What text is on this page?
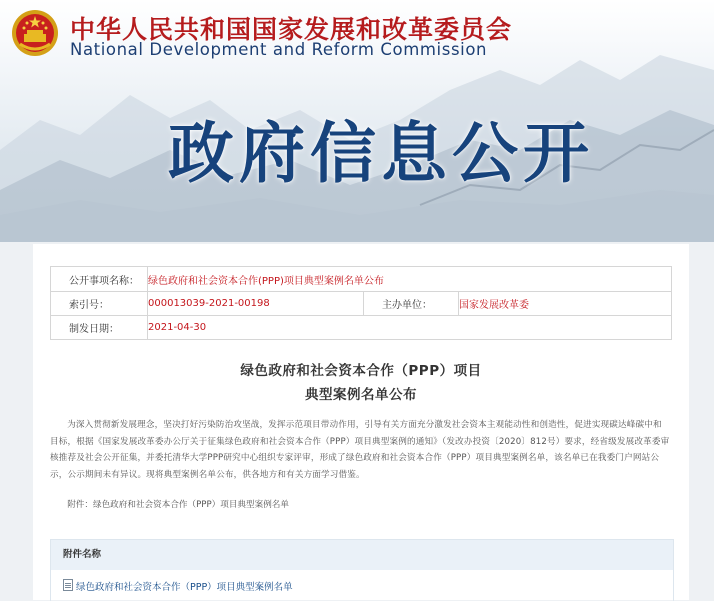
中华人民共和国国家发展和改革委员会
National Development and Reform Commission
政府信息公开
公开事项名称：	绿色政府和社会资本合作(PPP)项目典型案例名单公布		
索引号：	000013039-2021-00198	主办单位：	国家发展改革委
制发日期：	2021-04-30		
绿色政府和社会资本合作（PPP）项目
典型案例名单公布

为深入贯彻新发展理念，坚决打好污染防治攻坚战，发挥示范项目带动作用，引导有关方面充分激发社会资本主观能动性和创造性，促进实现碳达峰碳中和目标，根据《国家发展改革委办公厅关于征集绿色政府和社会资本合作（PPP）项目典型案例的通知》（发改办投资〔2020〕812号）要求，经省级发展改革委审核推荐及社会公开征集，并委托清华大学PPP研究中心组织专家评审，形成了绿色政府和社会资本合作（PPP）项目典型案例名单，该名单已在我委门户网站公示，公示期间未有异议。现将典型案例名单公布，供各地方和有关方面学习借鉴。

附件：绿色政府和社会资本合作（PPP）项目典型案例名单

附件名称
绿色政府和社会资本合作（PPP）项目典型案例名单
